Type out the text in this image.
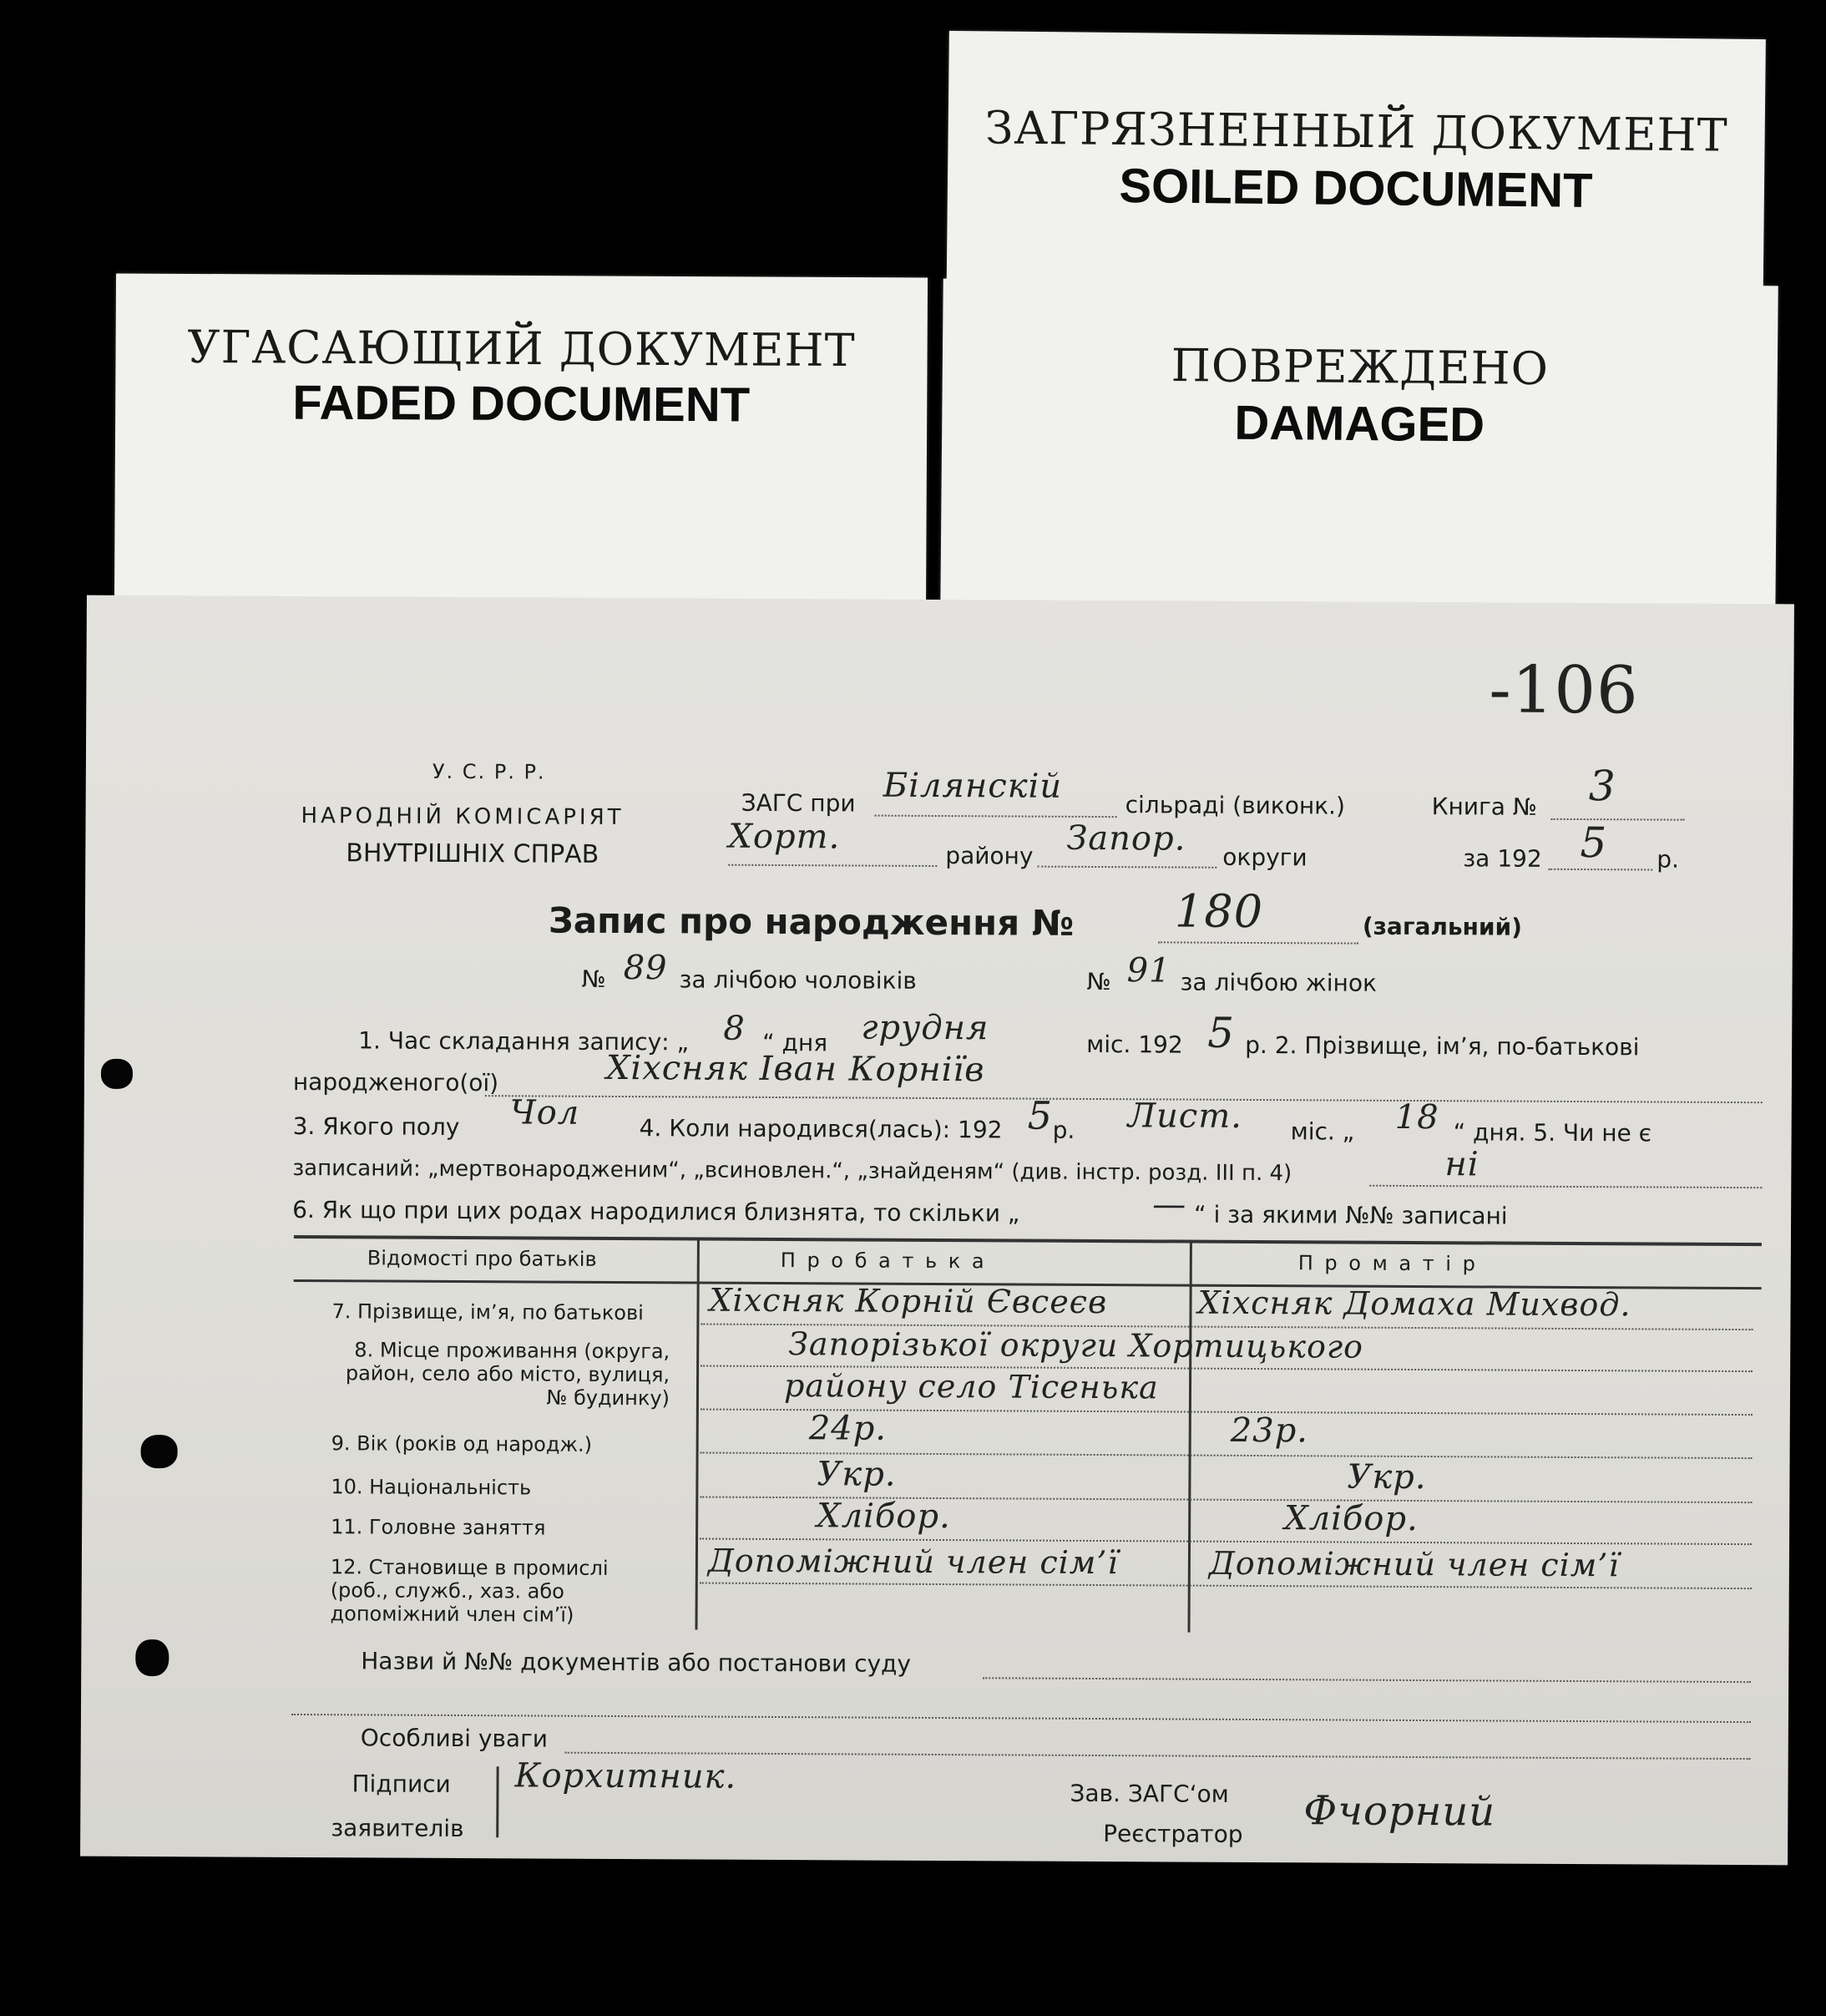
ЗАГРЯЗНЕННЫЙ ДОКУМЕНТ
SOILED DOCUMENT
УГАСАЮЩИЙ ДОКУМЕНТ
FADED DOCUMENT
ПОВРЕЖДЕНО
DAMAGED
-106
У. С. Р. Р.
НАРОДНІЙ КОМІСАРІЯТ
ВНУТРІШНІХ СПРАВ
ЗАГС при Білянскій	сільраді (виконк.)	Книга № 3
Хорт.	району Запор. округи	за 192 5 р.
Запис про народження № 180	(загальний)
№ 89 за лічбою чоловіків	№ 91 за лічбою жінок
1. Час складання запису: „ 8 “ дня грудня	міс. 192 5 р. 2. Прізвище, ім’я, по-батькові
народженого(ої)	Хіхсняк Іван Корніїв
3. Якого полу Чол	4. Коли народився(лась): 192 5 р. Лист. міс. „ 18 “ дня. 5. Чи не є
записаний: „мертвонародженим“, „всиновлен.“, „знайденям“ (див. інстр. розд. III п. 4)	ні
6. Як що при цих родах народилися близнята, то скільки „	— “ і за якими №№ записані
Відомості про батьків	П р о б а т ь к а	П р о м а т і р
7. Прізвище, ім’я, по батькові Хіхсняк Корній Євсеєв	Хіхсняк Домаха Михвод.
8. Місце проживання (округа, район, село або місто, вулиця, № будинку)
Запорізької округи Хортицького
району село Тісенька
9. Вік (років од народж.)	24р.	23р.
10. Національність	Укр.	Укр.
11. Головне заняття	Хлібор.	Хлібор.
12. Становище в промислі (роб., служб., хаз. або допоміжний член сім’ї)
Допоміжний член сім’ї	Допоміжний член сім’ї
Назви й №№ документів або постанови суду
Особливі уваги
Підписи
заявителів
Корхитник.	Зав. ЗАГС‘ом
Реєстратор Фчорний
